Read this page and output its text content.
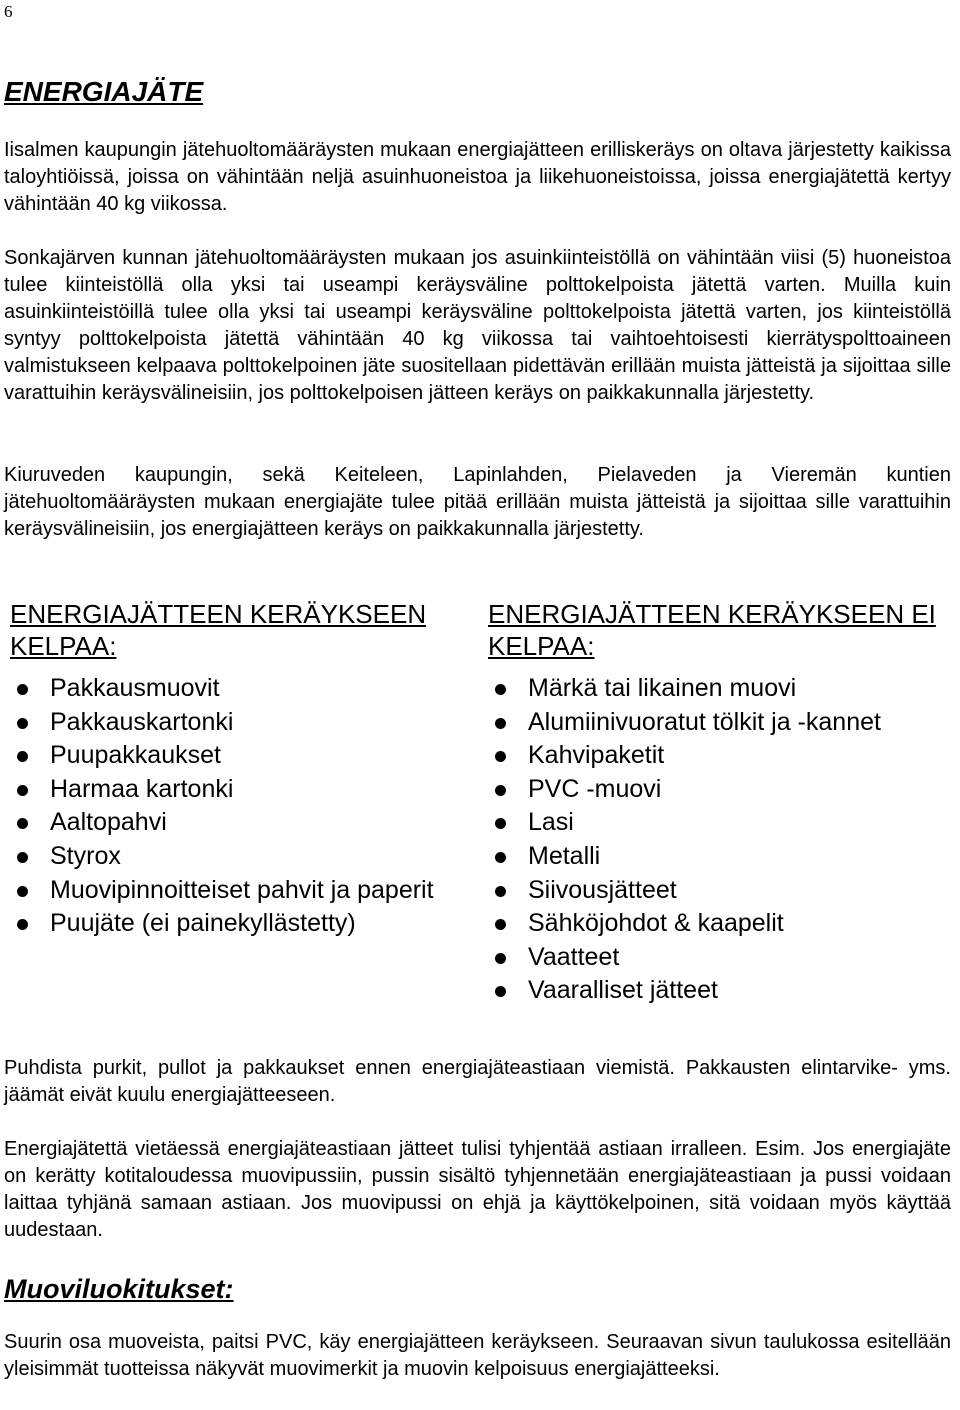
6
ENERGIAJÄTE

Iisalmen kaupungin jätehuoltomääräysten mukaan energiajätteen erilliskeräys on oltava järjestetty kaikissa taloyhtiöissä, joissa on vähintään neljä asuinhuoneistoa ja liikehuoneistoissa, joissa energiajätettä kertyy vähintään 40 kg viikossa.

Sonkajärven kunnan jätehuoltomääräysten mukaan jos asuinkiinteistöllä on vähintään viisi (5) huoneistoa tulee kiinteistöllä olla yksi tai useampi keräysväline polttokelpoista jätettä varten. Muilla kuin asuinkiinteistöillä tulee olla yksi tai useampi keräysväline polttokelpoista jätettä varten, jos kiinteistöllä syntyy polttokelpoista jätettä vähintään 40 kg viikossa tai vaihtoehtoisesti kierrätyspolttoaineen valmistukseen kelpaava polttokelpoinen jäte suositellaan pidettävän erillään muista jätteistä ja sijoittaa sille varattuihin keräysvälineisiin, jos polttokelpoisen jätteen keräys on paikkakunnalla järjestetty.

Kiuruveden kaupungin, sekä Keiteleen, Lapinlahden, Pielaveden ja Vieremän kuntien jätehuoltomääräysten mukaan energiajäte tulee pitää erillään muista jätteistä ja sijoittaa sille varattuihin keräysvälineisiin, jos energiajätteen keräys on paikkakunnalla järjestetty.

ENERGIAJÄTTEEN KERÄYKSEEN KELPAA:
Pakkausmuovit
Pakkauskartonki
Puupakkaukset
Harmaa kartonki
Aaltopahvi
Styrox
Muovipinnoitteiset pahvit ja paperit
Puujäte (ei painekyllästetty)
ENERGIAJÄTTEEN KERÄYKSEEN EI KELPAA:
Märkä tai likainen muovi
Alumiinivuoratut tölkit ja -kannet
Kahvipaketit
PVC -muovi
Lasi
Metalli
Siivousjätteet
Sähköjohdot & kaapelit
Vaatteet
Vaaralliset jätteet

Puhdista purkit, pullot ja pakkaukset ennen energiajäteastiaan viemistä. Pakkausten elintarvike- yms. jäämät eivät kuulu energiajätteeseen.

Energiajätettä vietäessä energiajäteastiaan jätteet tulisi tyhjentää astiaan irralleen. Esim. Jos energiajäte on kerätty kotitaloudessa muovipussiin, pussin sisältö tyhjennetään energiajäteastiaan ja pussi voidaan laittaa tyhjänä samaan astiaan. Jos muovipussi on ehjä ja käyttökelpoinen, sitä voidaan myös käyttää uudestaan.

Muoviluokitukset:

Suurin osa muoveista, paitsi PVC, käy energiajätteen keräykseen. Seuraavan sivun taulukossa esitellään yleisimmät tuotteissa näkyvät muovimerkit ja muovin kelpoisuus energiajätteeksi.
